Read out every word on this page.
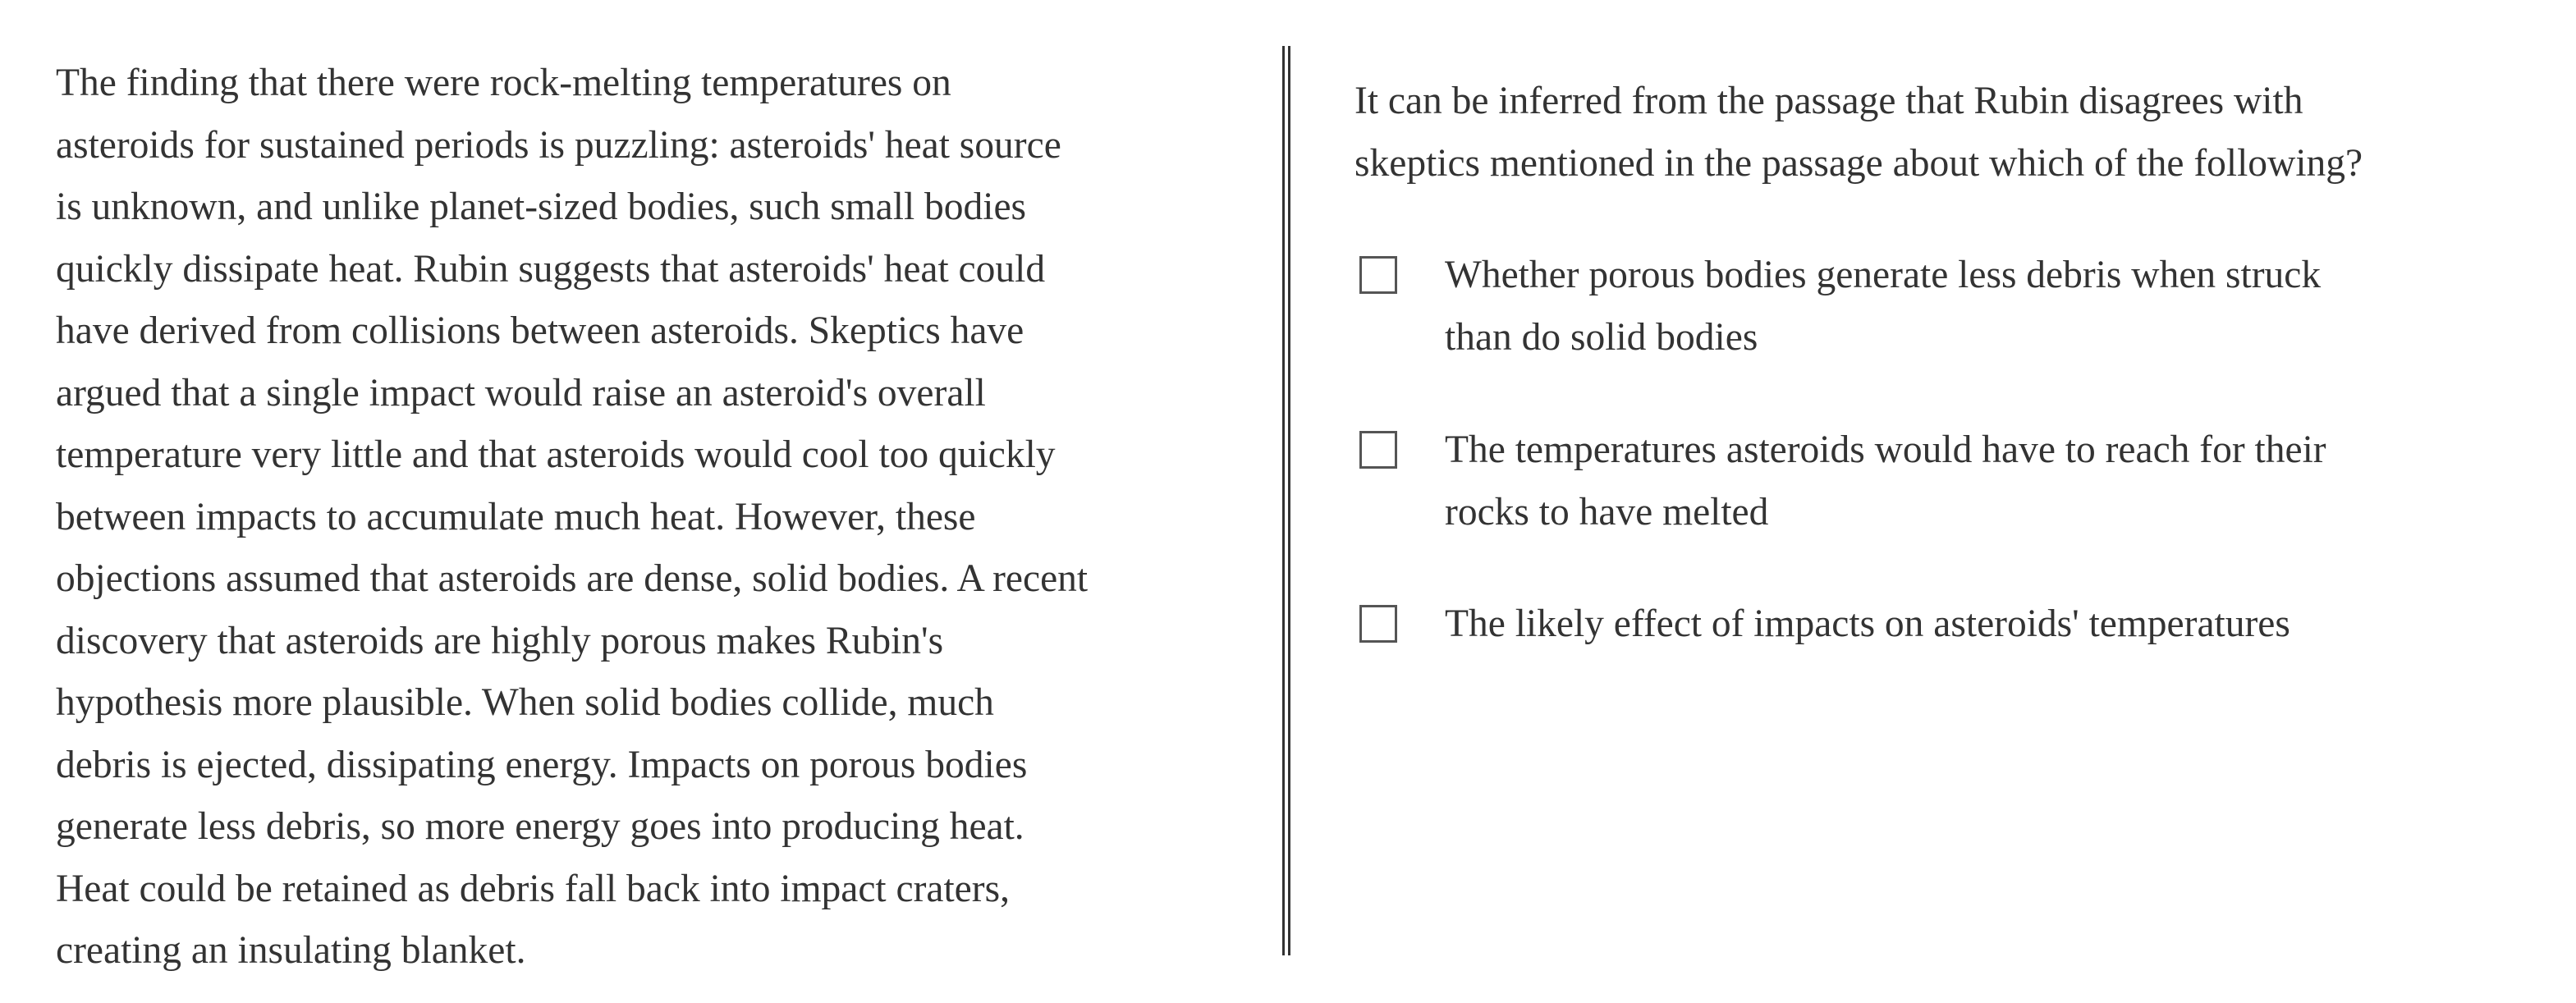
The finding that there were rock-melting temperatures on
asteroids for sustained periods is puzzling: asteroids' heat source
is unknown, and unlike planet-sized bodies, such small bodies
quickly dissipate heat. Rubin suggests that asteroids' heat could
have derived from collisions between asteroids. Skeptics have
argued that a single impact would raise an asteroid's overall
temperature very little and that asteroids would cool too quickly
between impacts to accumulate much heat. However, these
objections assumed that asteroids are dense, solid bodies. A recent
discovery that asteroids are highly porous makes Rubin's
hypothesis more plausible. When solid bodies collide, much
debris is ejected, dissipating energy. Impacts on porous bodies
generate less debris, so more energy goes into producing heat.
Heat could be retained as debris fall back into impact craters,
creating an insulating blanket.

It can be inferred from the passage that Rubin disagrees with
skeptics mentioned in the passage about which of the following?

Whether porous bodies generate less debris when struck
than do solid bodies
The temperatures asteroids would have to reach for their
rocks to have melted
The likely effect of impacts on asteroids' temperatures
